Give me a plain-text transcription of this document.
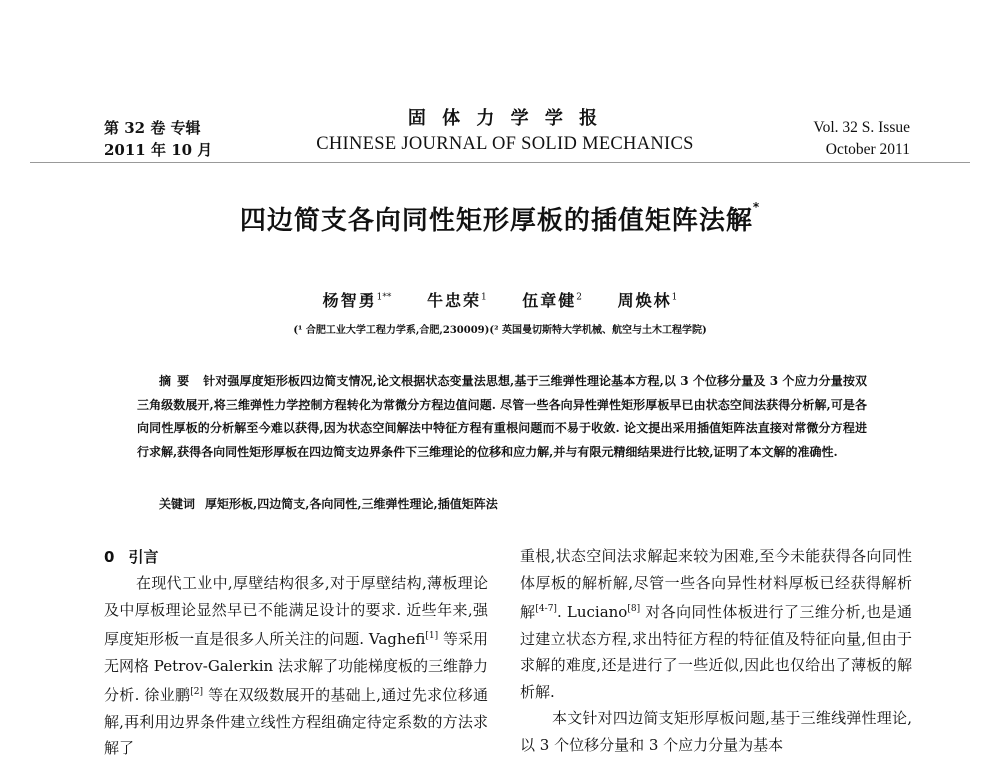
第 32 卷 专辑
2011 年 10 月
固 体 力 学 学 报
CHINESE JOURNAL OF SOLID MECHANICS
Vol. 32 S. Issue
October 2011
四边简支各向同性矩形厚板的插值矩阵法解*
杨智勇$^{1**}$ 牛忠荣$^1$ 伍章健$^2$ 周焕林$^1$
(¹ 合肥工业大学工程力学系,合肥,230009)(² 英国曼切斯特大学机械、航空与土木工程学院)
摘要 针对强厚度矩形板四边简支情况,论文根据状态变量法思想,基于三维弹性理论基本方程,以 3 个位移分量及 3 个应力分量按双三角级数展开,将三维弹性力学控制方程转化为常微分方程边值问题. 尽管一些各向异性弹性矩形厚板早已由状态空间法获得分析解,可是各向同性厚板的分析解至今难以获得,因为状态空间解法中特征方程有重根问题而不易于收敛. 论文提出采用插值矩阵法直接对常微分方程进行求解,获得各向同性矩形厚板在四边简支边界条件下三维理论的位移和应力解,并与有限元精细结果进行比较,证明了本文解的准确性.
关键词 厚矩形板,四边简支,各向同性,三维弹性理论,插值矩阵法
0 引言

在现代工业中,厚壁结构很多,对于厚壁结构,薄板理论及中厚板理论显然早已不能满足设计的要求. 近些年来,强厚度矩形板一直是很多人所关注的问题. Vaghefi[1] 等采用无网格 Petrov-Galerkin 法求解了功能梯度板的三维静力分析. 徐业鹏[2] 等在双级数展开的基础上,通过先求位移通解,再利用边界条件建立线性方程组确定待定系数的方法求解了

重根,状态空间法求解起来较为困难,至今未能获得各向同性体厚板的解析解,尽管一些各向异性材料厚板已经获得解析解[4-7]. Luciano[8] 对各向同性体板进行了三维分析,也是通过建立状态方程,求出特征方程的特征值及特征向量,但由于求解的难度,还是进行了一些近似,因此也仅给出了薄板的解析解.

本文针对四边简支矩形厚板问题,基于三维线弹性理论,以 3 个位移分量和 3 个应力分量为基本
